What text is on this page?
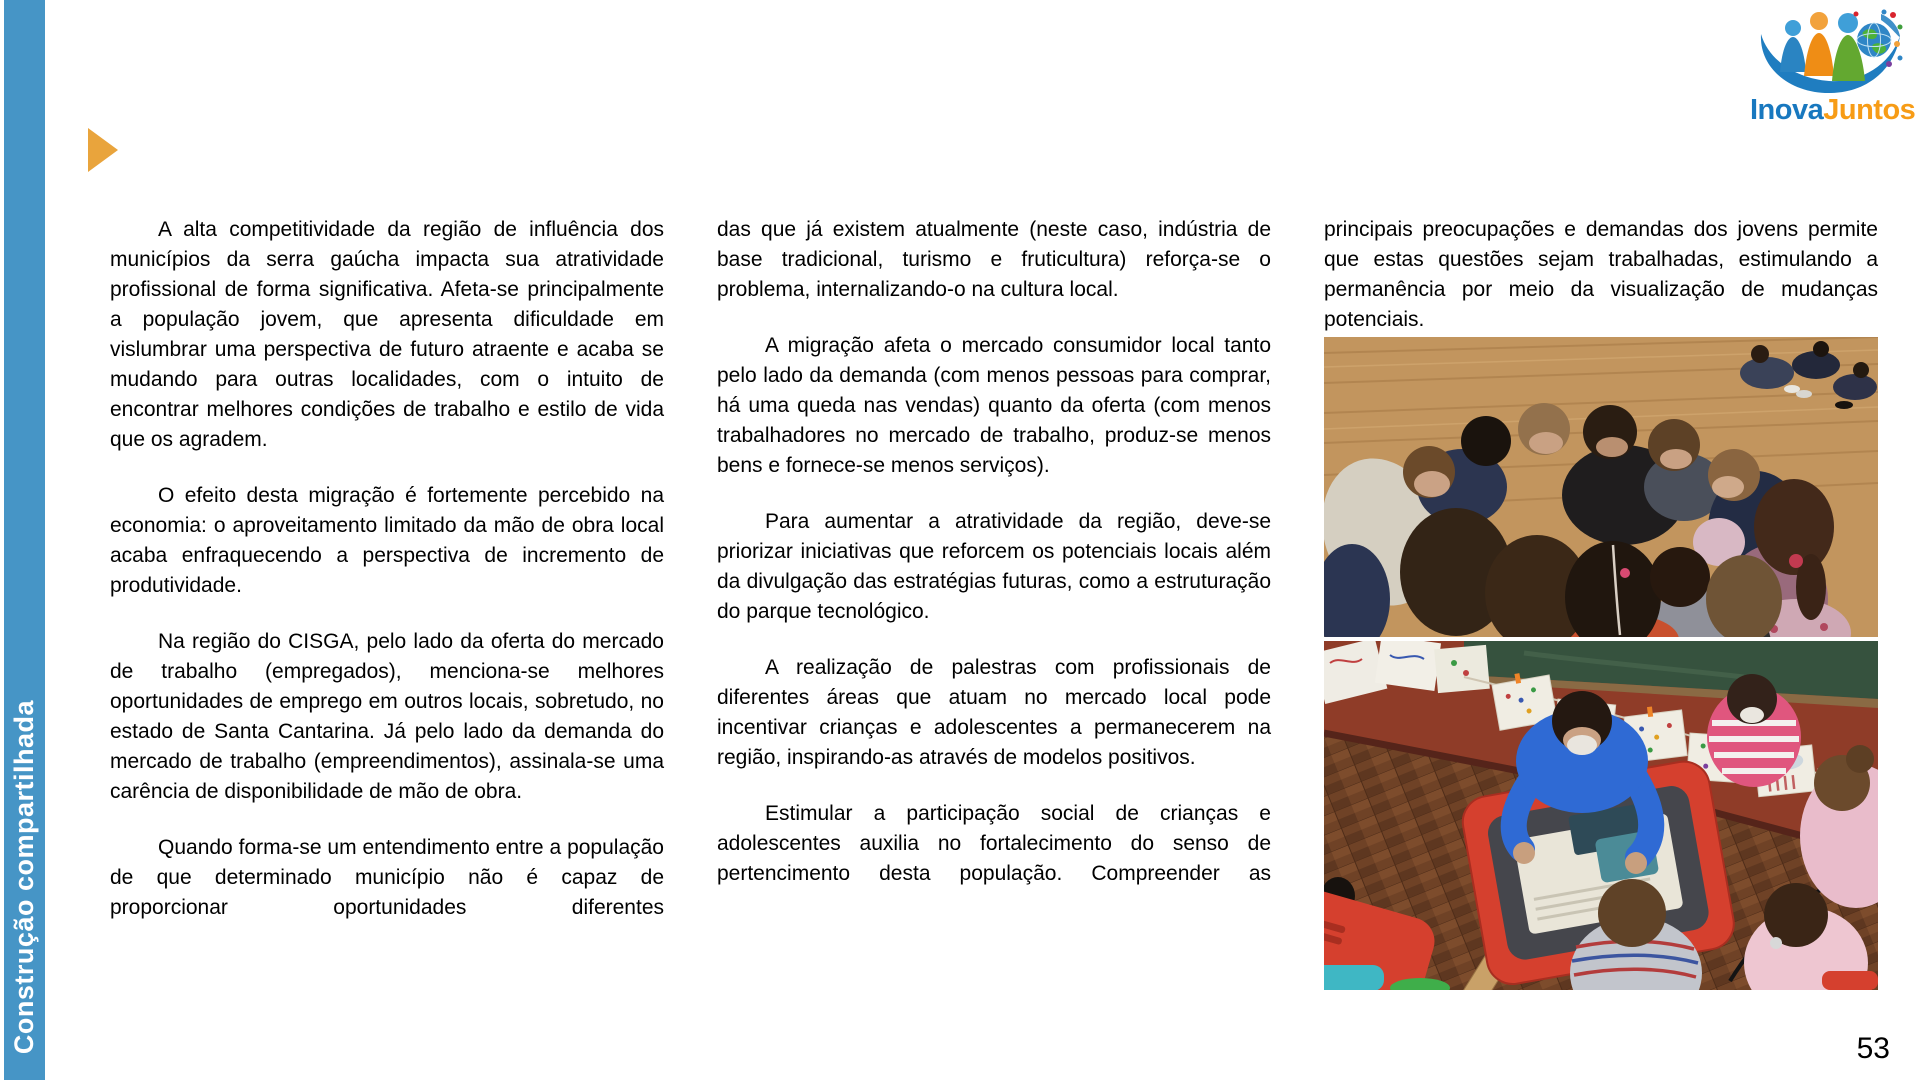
Construção compartilhada
InovaJuntos

A alta competitividade da região de influência dos municípios da serra gaúcha impacta sua atratividade profissional de forma significativa. Afeta-se principalmente a população jovem, que apresenta dificuldade em vislumbrar uma perspectiva de futuro atraente e acaba se mudando para outras localidades, com o intuito de encontrar melhores condições de trabalho e estilo de vida que os agradem.

O efeito desta migração é fortemente percebido na economia: o aproveitamento limitado da mão de obra local acaba enfraquecendo a perspectiva de incremento de produtividade.

Na região do CISGA, pelo lado da oferta do mercado de trabalho (empregados), menciona-se melhores oportunidades de emprego em outros locais, sobretudo, no estado de Santa Cantarina. Já pelo lado da demanda do mercado de trabalho (empreendimentos), assinala-se uma carência de disponibilidade de mão de obra.

Quando forma-se um entendimento entre a população de que determinado município não é capaz de proporcionar oportunidades diferentes

das que já existem atualmente (neste caso, indústria de base tradicional, turismo e fruticultura) reforça-se o problema, internalizando-o na cultura local.

A migração afeta o mercado consumidor local tanto pelo lado da demanda (com menos pessoas para comprar, há uma queda nas vendas) quanto da oferta (com menos trabalhadores no mercado de trabalho, produz-se menos bens e fornece-se menos serviços).

Para aumentar a atratividade da região, deve-se priorizar iniciativas que reforcem os potenciais locais além da divulgação das estratégias futuras, como a estruturação do parque tecnológico.

A realização de palestras com profissionais de diferentes áreas que atuam no mercado local pode incentivar crianças e adolescentes a permanecerem na região, inspirando-as através de modelos positivos.

Estimular a participação social de crianças e adolescentes auxilia no fortalecimento do senso de pertencimento desta população. Compreender as

principais preocupações e demandas dos jovens permite que estas questões sejam trabalhadas, estimulando a permanência por meio da visualização de mudanças potenciais.

53
